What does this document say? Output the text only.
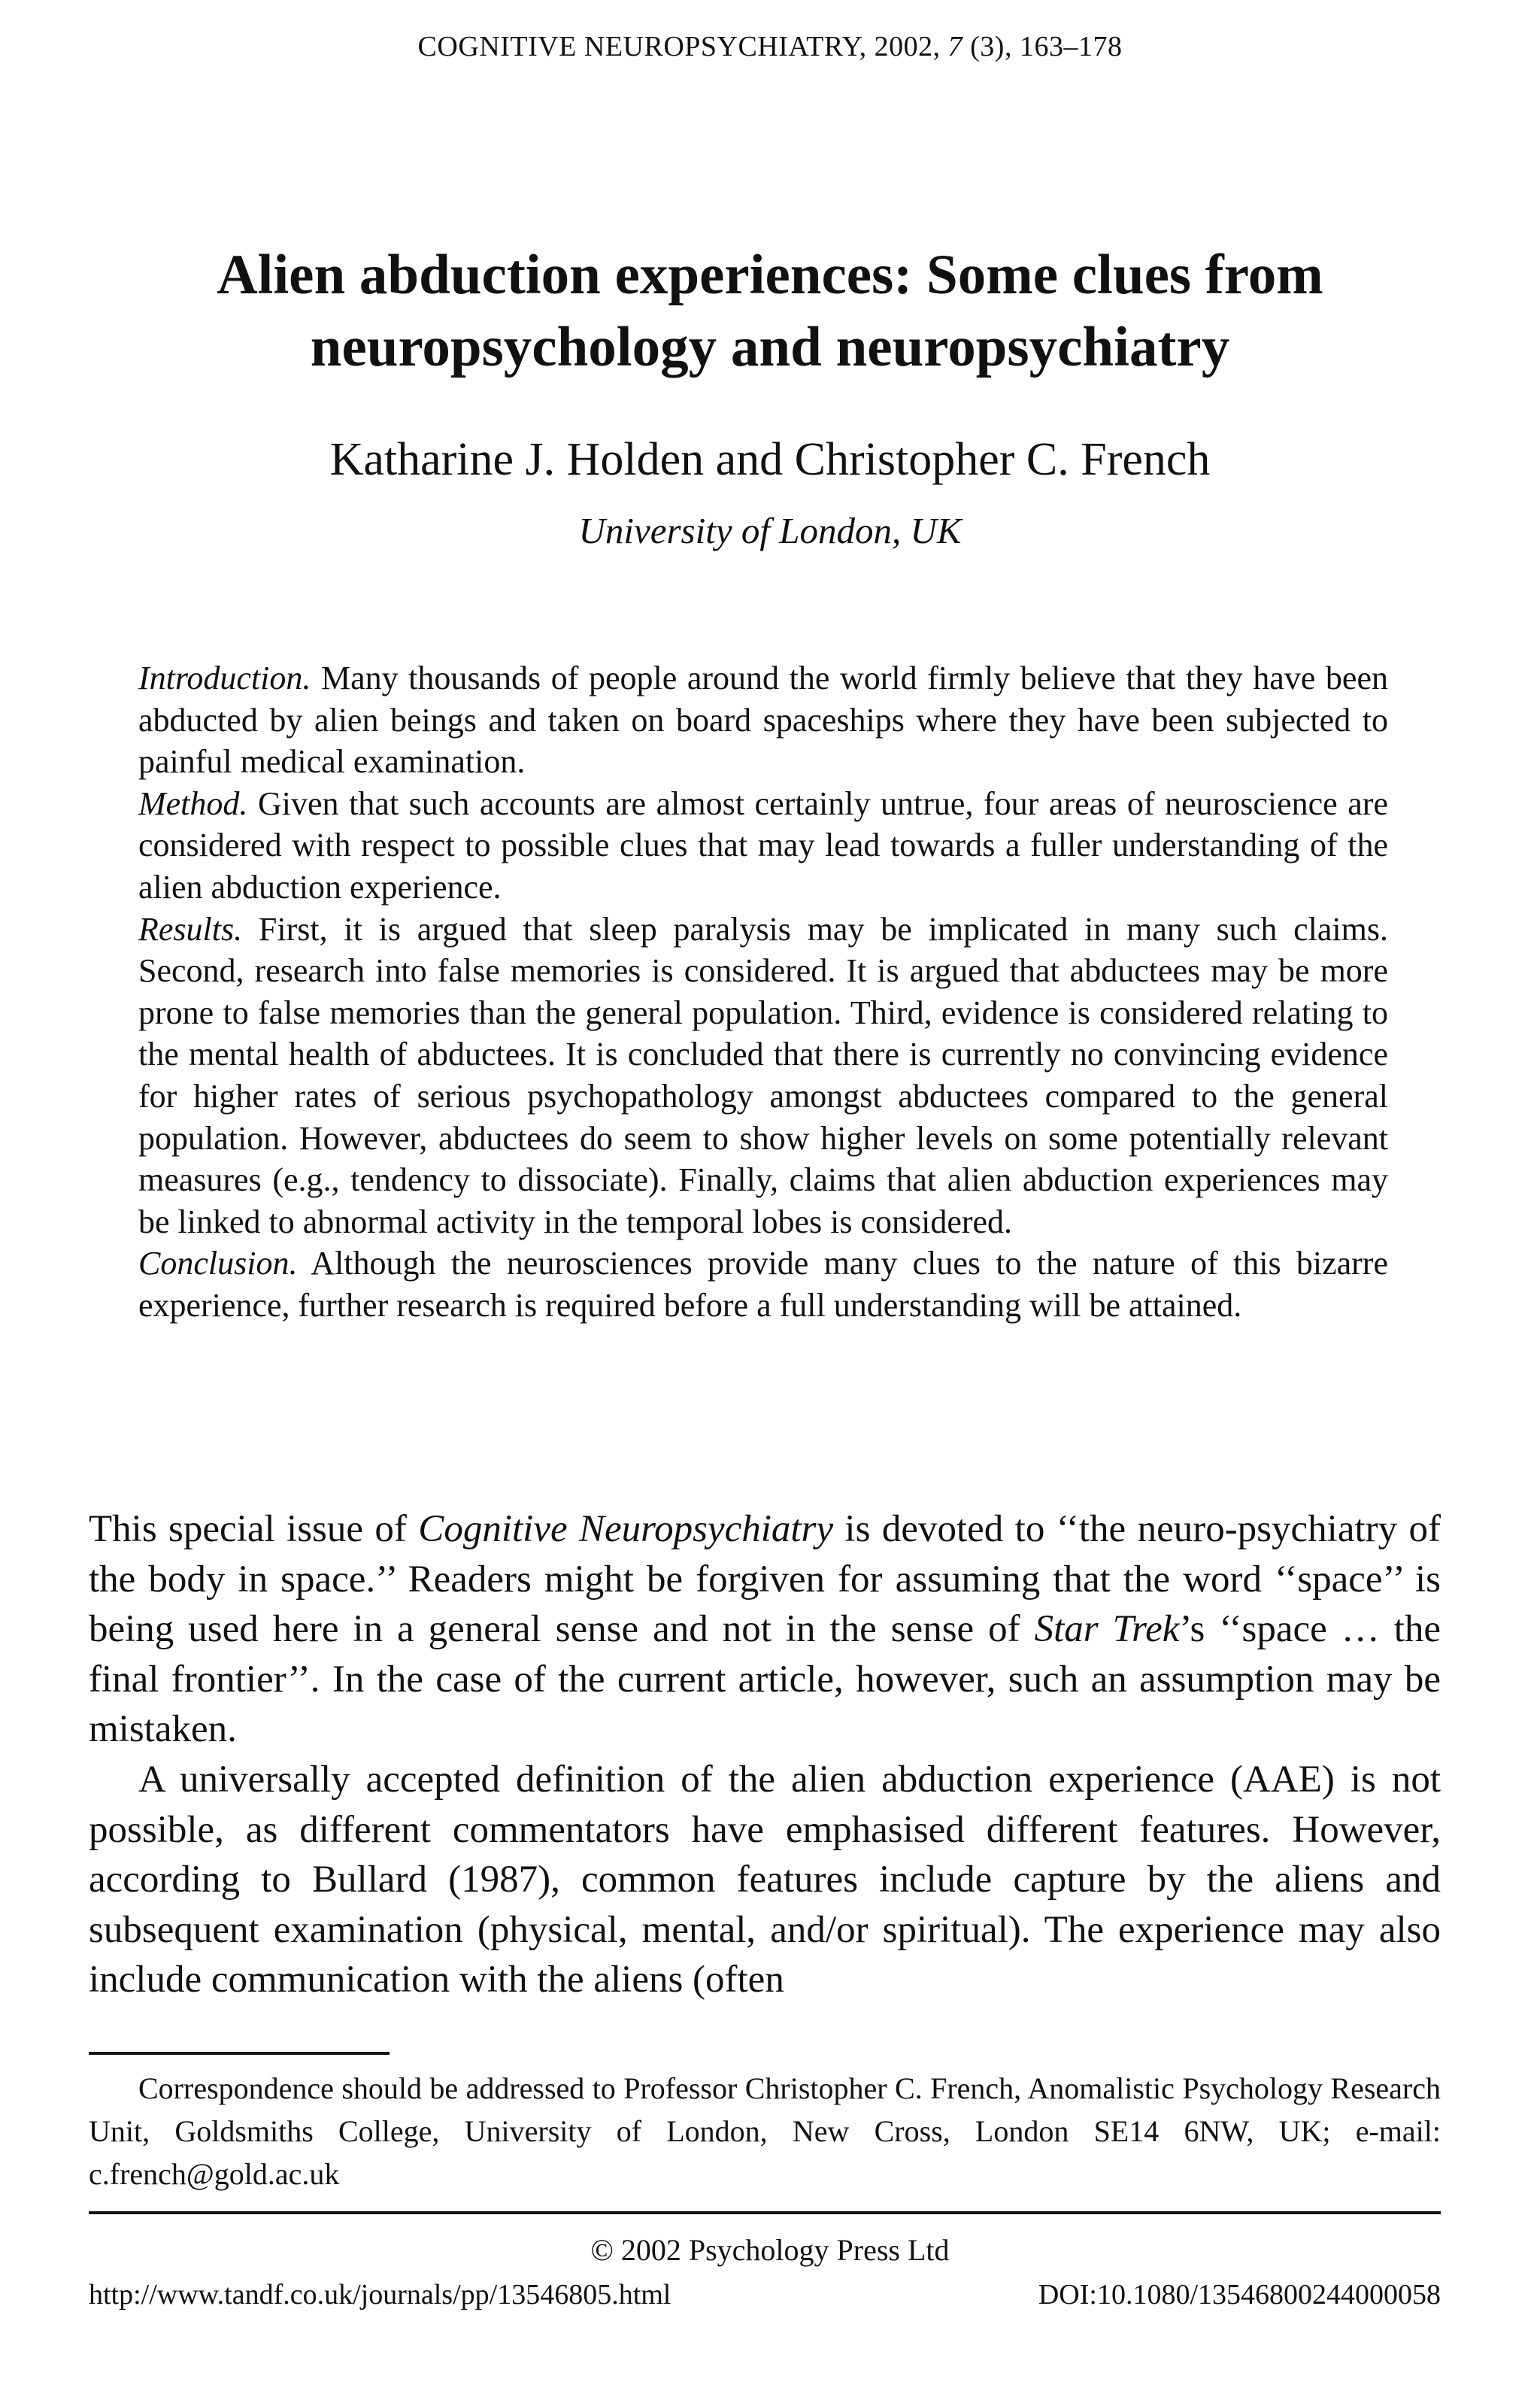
COGNITIVE NEUROPSYCHIATRY, 2002, 7 (3), 163–178
Alien abduction experiences: Some clues from
neuropsychology and neuropsychiatry
Katharine J. Holden and Christopher C. French
University of London, UK

Introduction. Many thousands of people around the world firmly believe that they have been abducted by alien beings and taken on board spaceships where they have been subjected to painful medical examination.

Method. Given that such accounts are almost certainly untrue, four areas of neuroscience are considered with respect to possible clues that may lead towards a fuller understanding of the alien abduction experience.

Results. First, it is argued that sleep paralysis may be implicated in many such claims. Second, research into false memories is considered. It is argued that abductees may be more prone to false memories than the general population. Third, evidence is considered relating to the mental health of abductees. It is concluded that there is currently no convincing evidence for higher rates of serious psychopathology amongst abductees compared to the general population. However, abductees do seem to show higher levels on some potentially relevant measures (e.g., tendency to dissociate). Finally, claims that alien abduction experiences may be linked to abnormal activity in the temporal lobes is considered.

Conclusion. Although the neurosciences provide many clues to the nature of this bizarre experience, further research is required before a full understanding will be attained.

This special issue of Cognitive Neuropsychiatry is devoted to ‘‘the neuro-psychiatry of the body in space.’’ Readers might be forgiven for assuming that the word ‘‘space’’ is being used here in a general sense and not in the sense of Star Trek’s ‘‘space … the final frontier’’. In the case of the current article, however, such an assumption may be mistaken.

A universally accepted definition of the alien abduction experience (AAE) is not possible, as different commentators have emphasised different features. However, according to Bullard (1987), common features include capture by the aliens and subsequent examination (physical, mental, and/or spiritual). The experience may also include communication with the aliens (often

Correspondence should be addressed to Professor Christopher C. French, Anomalistic Psychology Research Unit, Goldsmiths College, University of London, New Cross, London SE14 6NW, UK; e-mail: c.french@gold.ac.uk

© 2002 Psychology Press Ltd
http://www.tandf.co.uk/journals/pp/13546805.html	DOI:10.1080/13546800244000058
